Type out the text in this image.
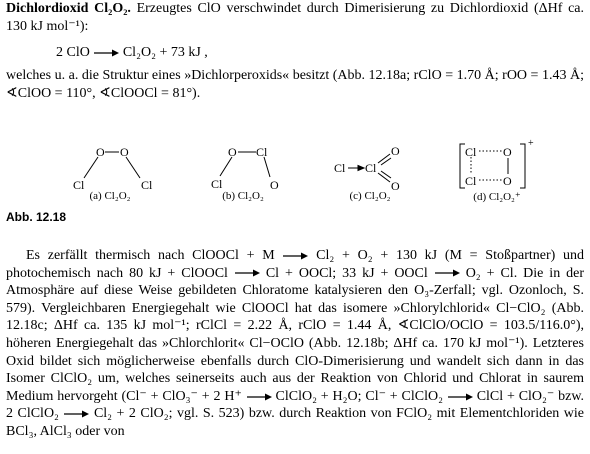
Dichlordioxid Cl₂O₂. Erzeugtes ClO verschwindet durch Dimerisierung zu Dichlordioxid (ΔHf ca. 130 kJ mol⁻¹):

2 ClO → Cl₂O₂ + 73 kJ ,

welches u. a. die Struktur eines »Dichlorperoxids« besitzt (Abb. 12.18a; rClO = 1.70 Å; rOO = 1.43 Å; ∢ClOO = 110°, ∢ClOOCl = 81°).

O O
Cl	Cl
O Cl
Cl	O
Cl Cl
O
O
Cl O
Cl O
+
(a) Cl₂O₂	(b) Cl₂O₂	(c) Cl₂O₂	(d) Cl₂O₂⁺
Abb. 12.18

Es zerfällt thermisch nach ClOOCl + M → Cl₂ + O₂ + 130 kJ (M = Stoßpartner) und photochemisch nach 80 kJ + ClOOCl → Cl + OOCl; 33 kJ + OOCl → O₂ + Cl. Die in der Atmosphäre auf diese Weise gebildeten Chloratome katalysieren den O₃-Zerfall; vgl. Ozonloch, S. 579). Vergleichbaren Energiegehalt wie ClOOCl hat das isomere »Chlorylchlorid« Cl−ClO₂ (Abb. 12.18c; ΔHf ca. 135 kJ mol⁻¹; rClCl = 2.22 Å, rClO = 1.44 Å, ∢ClClO/OClO = 103.5/116.0°), höheren Energiegehalt das »Chlorchlorit« Cl−OClO (Abb. 12.18b; ΔHf ca. 170 kJ mol⁻¹). Letzteres Oxid bildet sich möglicherweise ebenfalls durch ClO-Dimerisierung und wandelt sich dann in das Isomer ClClO₂ um, welches seinerseits auch aus der Reaktion von Chlorid und Chlorat in saurem Medium hervorgeht (Cl⁻ + ClO₃⁻ + 2 H⁺ → ClClO₂ + H₂O; Cl⁻ + ClClO₂ → ClCl + ClO₂⁻ bzw. 2 ClClO₂ → Cl₂ + 2 ClO₂; vgl. S. 523) bzw. durch Reaktion von FClO₂ mit Elementchloriden wie BCl₃, AlCl₃ oder von
